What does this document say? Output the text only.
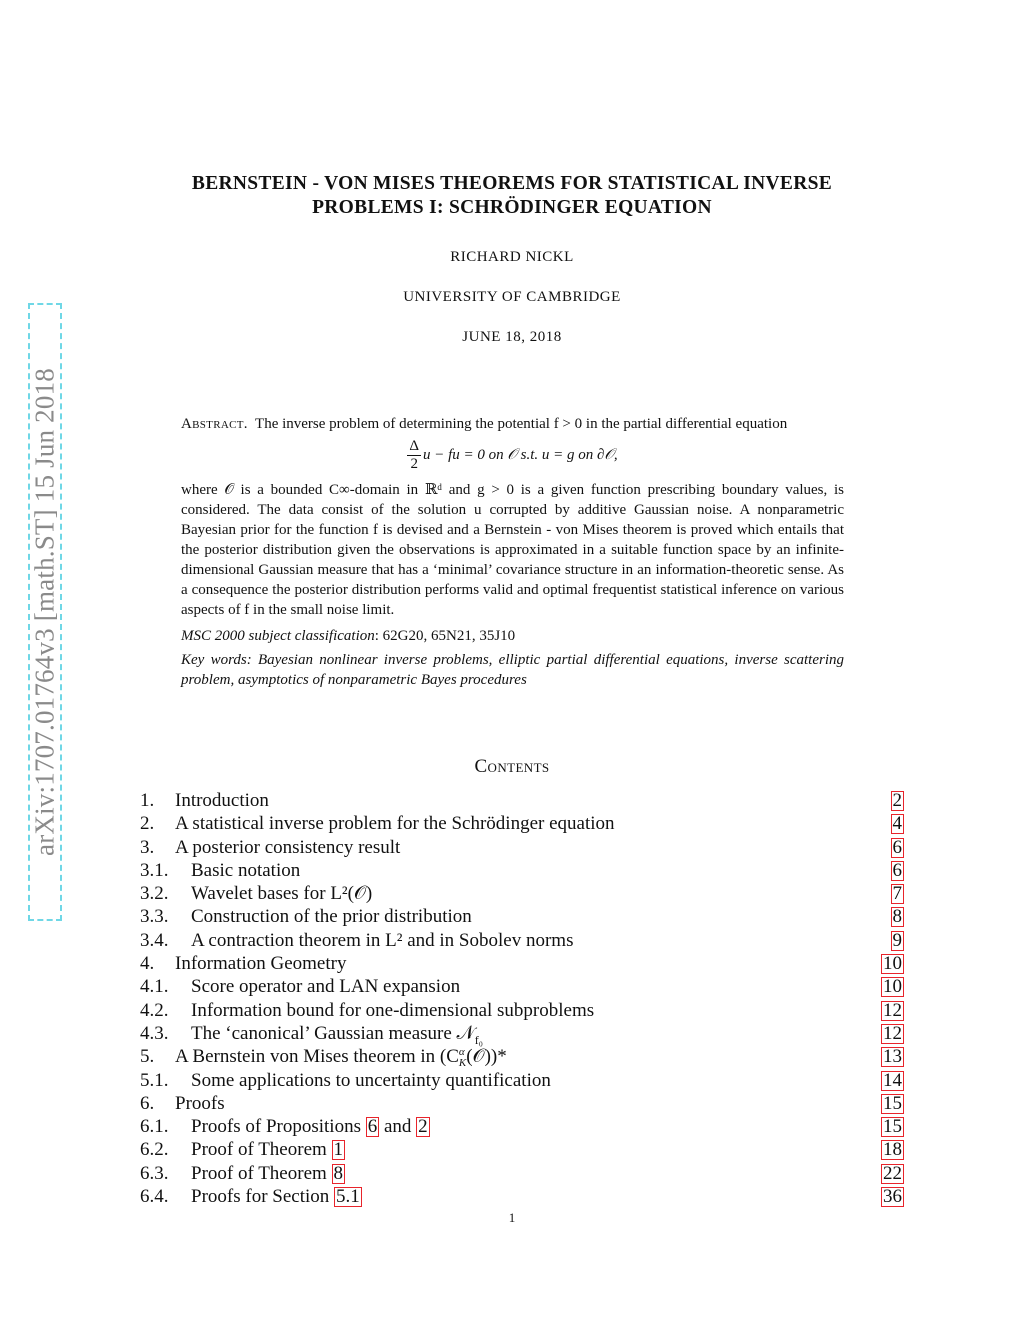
arXiv:1707.01764v3 [math.ST] 15 Jun 2018
BERNSTEIN - VON MISES THEOREMS FOR STATISTICAL INVERSE
PROBLEMS I: SCHRÖDINGER EQUATION
RICHARD NICKL
UNIVERSITY OF CAMBRIDGE
JUNE 18, 2018

Abstract. The inverse problem of determining the potential f > 0 in the partial differential equation

$\frac{\Delta}{2}$ u − fu = 0 on 𝒪 s.t. u = g on ∂𝒪,

where 𝒪 is a bounded C∞-domain in ℝᵈ and g > 0 is a given function prescribing boundary values, is considered. The data consist of the solution u corrupted by additive Gaussian noise. A nonparametric Bayesian prior for the function f is devised and a Bernstein - von Mises theorem is proved which entails that the posterior distribution given the observations is approximated in a suitable function space by an infinite-dimensional Gaussian measure that has a ‘minimal’ covariance structure in an information-theoretic sense. As a consequence the posterior distribution performs valid and optimal frequentist statistical inference on various aspects of f in the small noise limit.

MSC 2000 subject classification: 62G20, 65N21, 35J10

Key words: Bayesian nonlinear inverse problems, elliptic partial differential equations, inverse scattering problem, asymptotics of nonparametric Bayes procedures

Contents
1.	Introduction	2
2.	A statistical inverse problem for the Schrödinger equation	4
3.	A posterior consistency result	6
3.1.	Basic notation	6
3.2.	Wavelet bases for L²(𝒪)	7
3.3.	Construction of the prior distribution	8
3.4.	A contraction theorem in L² and in Sobolev norms	9
4.	Information Geometry	10
4.1.	Score operator and LAN expansion	10
4.2.	Information bound for one-dimensional subproblems	12
4.3.	The ‘canonical’ Gaussian measure 𝒩$_{f_0}$	12
5.	A Bernstein von Mises theorem in (C α
K (𝒪))*	13
5.1.	Some applications to uncertainty quantification	14
6.	Proofs	15
6.1.	Proofs of Propositions 6 and 2	15
6.2.	Proof of Theorem 1	18
6.3.	Proof of Theorem 8	22
6.4.	Proofs for Section 5.1	36
1
